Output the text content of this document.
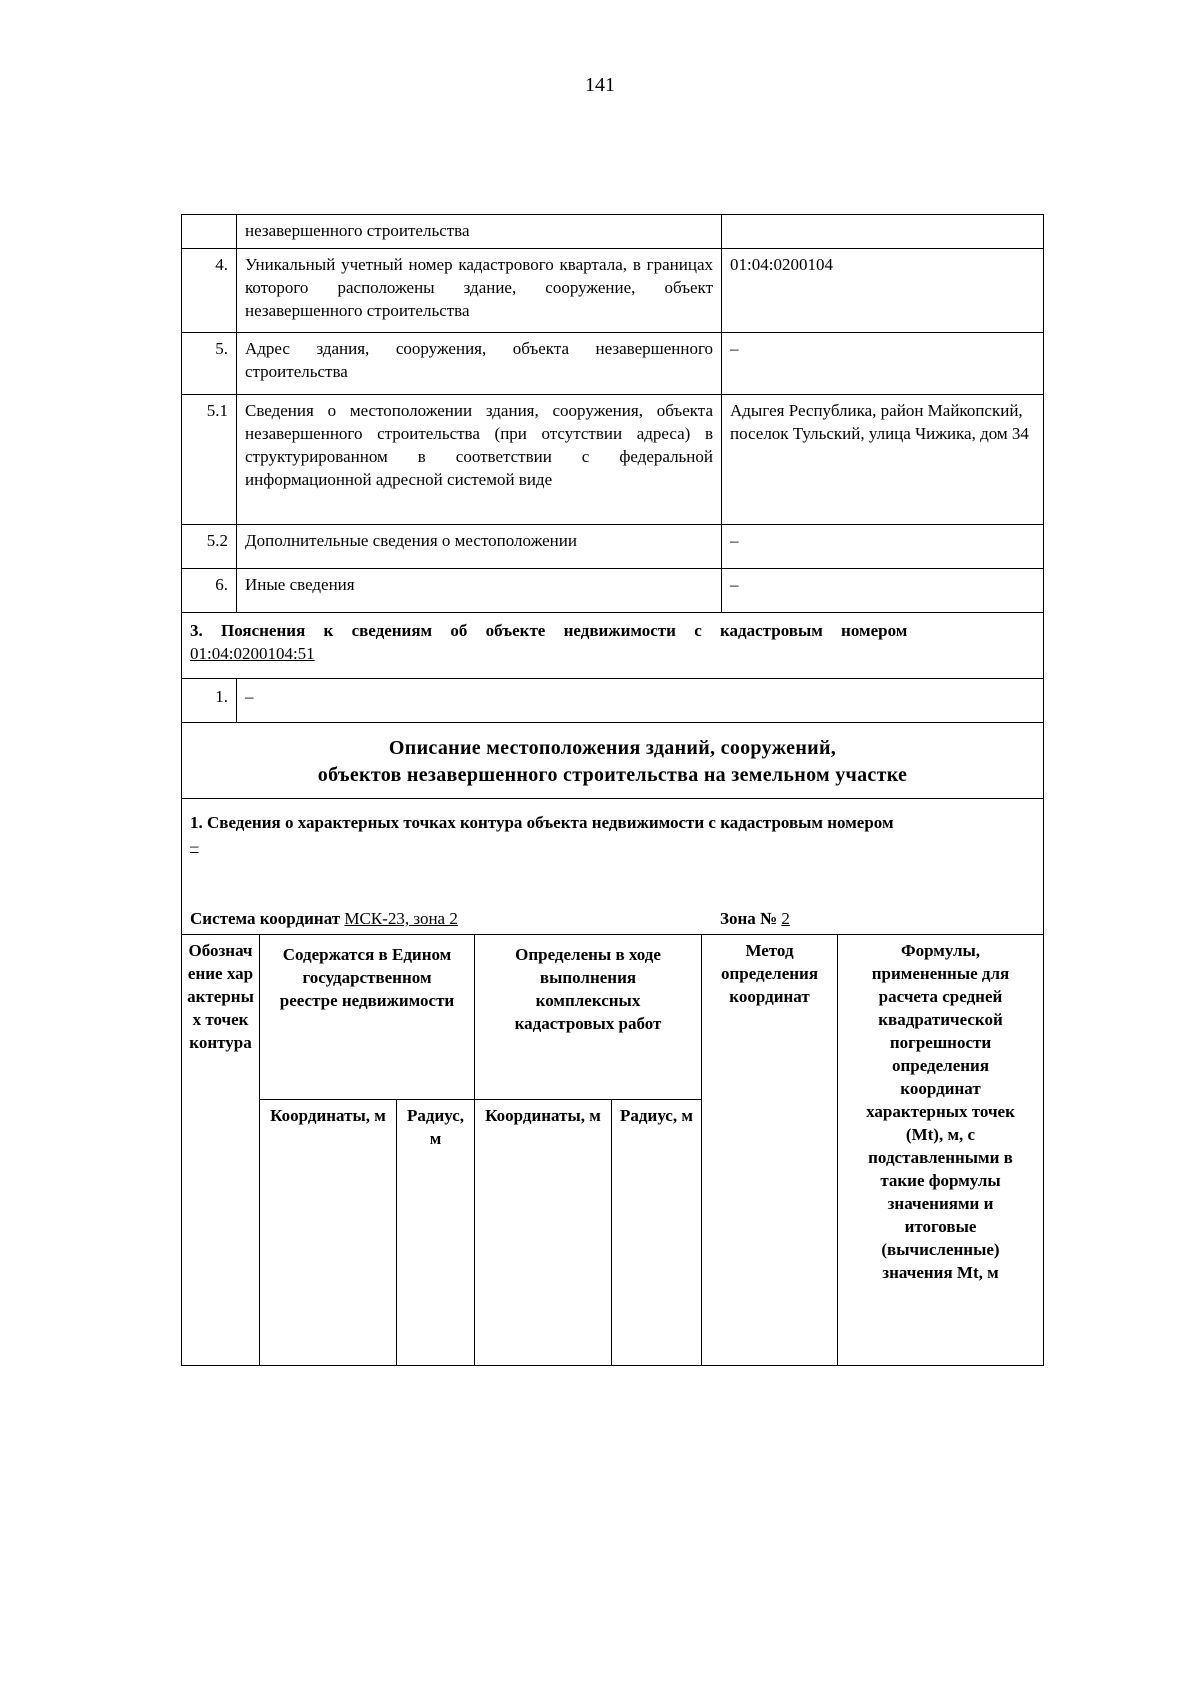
141
	незавершенного строительства	
4.	Уникальный учетный номер кадастрового квартала, в границах которого расположены здание, сооружение, объект незавершенного строительства	01:04:0200104
5.	Адрес здания, сооружения, объекта незавершенного строительства	–
5.1	Сведения о местоположении здания, сооружения, объекта незавершенного строительства (при отсутствии адреса) в структурированном в соответствии с федеральной информационной адресной системой виде	Адыгея Республика, район Майкопский, поселок Тульский, улица Чижика, дом 34
5.2	Дополнительные сведения о местоположении	–
6.	Иные сведения	–
3. Пояснения к сведениям об объекте недвижимости с кадастровым номером
01:04:0200104:51

1.	–

Описание местоположения зданий, сооружений,
объектов незавершенного строительства на земельном участке

1. Сведения о характерных точках контура объекта недвижимости с кадастровым номером
–
Система координат МСК-23, зона 2	Зона № 2
Обозначение характерных точек контура	Содержатся в Едином государственном реестре недвижимости		Определены в ходе выполнения комплексных кадастровых работ		Метод определения координат	Формулы, примененные для расчета средней квадратической погрешности определения координат характерных точек (Mt), м, с подставленными в такие формулы значениями и итоговые (вычисленные) значения Mt, м
	Координаты, м	Радиус, м	Координаты, м	Радиус, м		
